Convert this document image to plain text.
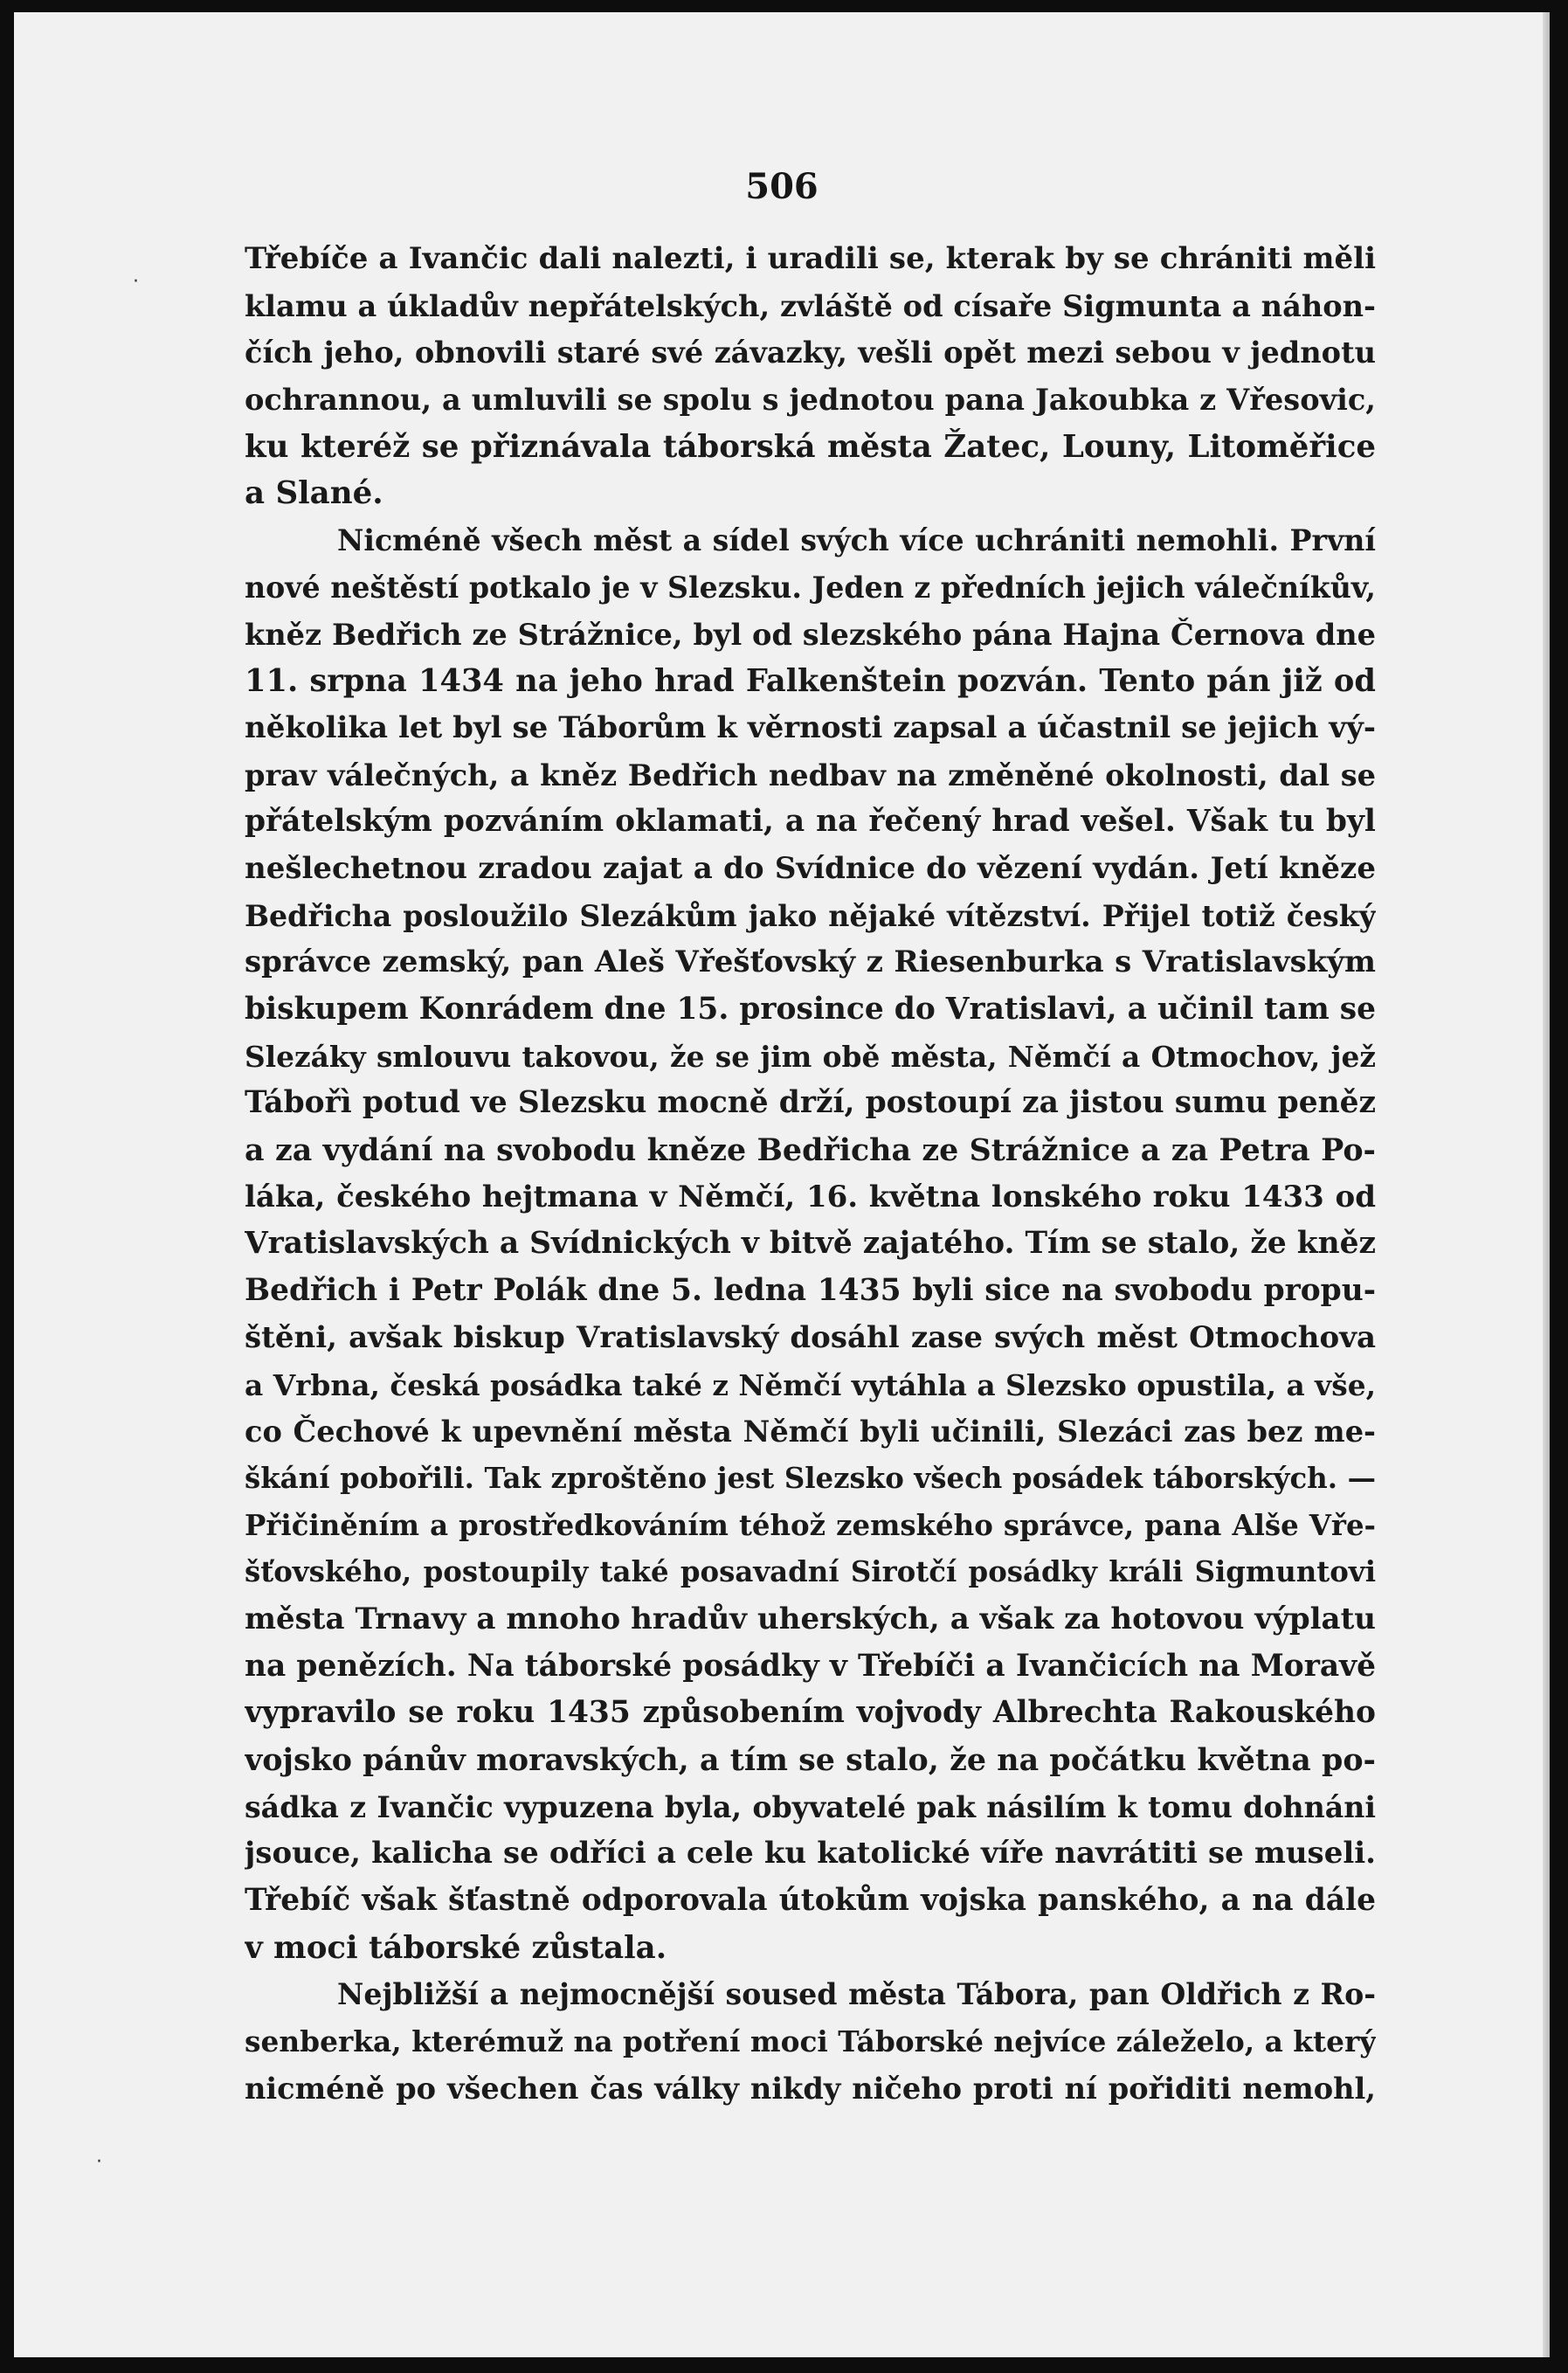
506

Třebíče a Ivančic dali nalezti, i uradili se, kterak by se chrániti měli
klamu a úkladův nepřátelských, zvláště od císaře Sigmunta a náhon-
čích jeho, obnovili staré své závazky, vešli opět mezi sebou v jednotu
ochrannou, a umluvili se spolu s jednotou pana Jakoubka z Vřesovic,
ku kteréž se přiznávala táborská města Žatec, Louny, Litoměřice
a Slané.
Nicméně všech měst a sídel svých více uchrániti nemohli. První
nové neštěstí potkalo je v Slezsku. Jeden z předních jejich válečníkův,
kněz Bedřich ze Strážnice, byl od slezského pána Hajna Černova dne
11. srpna 1434 na jeho hrad Falkenštein pozván. Tento pán již od
několika let byl se Táborům k věrnosti zapsal a účastnil se jejich vý-
prav válečných, a kněz Bedřich nedbav na změněné okolnosti, dal se
přátelským pozváním oklamati, a na řečený hrad vešel. Však tu byl
nešlechetnou zradou zajat a do Svídnice do vězení vydán. Jetí kněze
Bedřicha posloužilo Slezákům jako nějaké vítězství. Přijel totiž český
správce zemský, pan Aleš Vřešťovský z Riesenburka s Vratislavským
biskupem Konrádem dne 15. prosince do Vratislavi, a učinil tam se
Slezáky smlouvu takovou, že se jim obě města, Němčí a Otmochov, jež
Tábořì potud ve Slezsku mocně drží, postoupí za jistou sumu peněz
a za vydání na svobodu kněze Bedřicha ze Strážnice a za Petra Po-
láka, českého hejtmana v Němčí, 16. května lonského roku 1433 od
Vratislavských a Svídnických v bitvě zajatého. Tím se stalo, že kněz
Bedřich i Petr Polák dne 5. ledna 1435 byli sice na svobodu propu-
štěni, avšak biskup Vratislavský dosáhl zase svých měst Otmochova
a Vrbna, česká posádka také z Němčí vytáhla a Slezsko opustila, a vše,
co Čechové k upevnění města Němčí byli učinili, Slezáci zas bez me-
škání pobořili. Tak zproštěno jest Slezsko všech posádek táborských. —
Přičiněním a prostředkováním téhož zemského správce, pana Alše Vře-
šťovského, postoupily také posavadní Sirotčí posádky králi Sigmuntovi
města Trnavy a mnoho hradův uherských, a však za hotovou výplatu
na penězích. Na táborské posádky v Třebíči a Ivančicích na Moravě
vypravilo se roku 1435 způsobením vojvody Albrechta Rakouského
vojsko pánův moravských, a tím se stalo, že na počátku května po-
sádka z Ivančic vypuzena byla, obyvatelé pak násilím k tomu dohnáni
jsouce, kalicha se odříci a cele ku katolické víře navrátiti se museli.
Třebíč však šťastně odporovala útokům vojska panského, a na dále
v moci táborské zůstala.
Nejbližší a nejmocnější soused města Tábora, pan Oldřich z Ro-
senberka, kterémuž na potření moci Táborské nejvíce záleželo, a který
nicméně po všechen čas války nikdy ničeho proti ní pořiditi nemohl,
·
·
